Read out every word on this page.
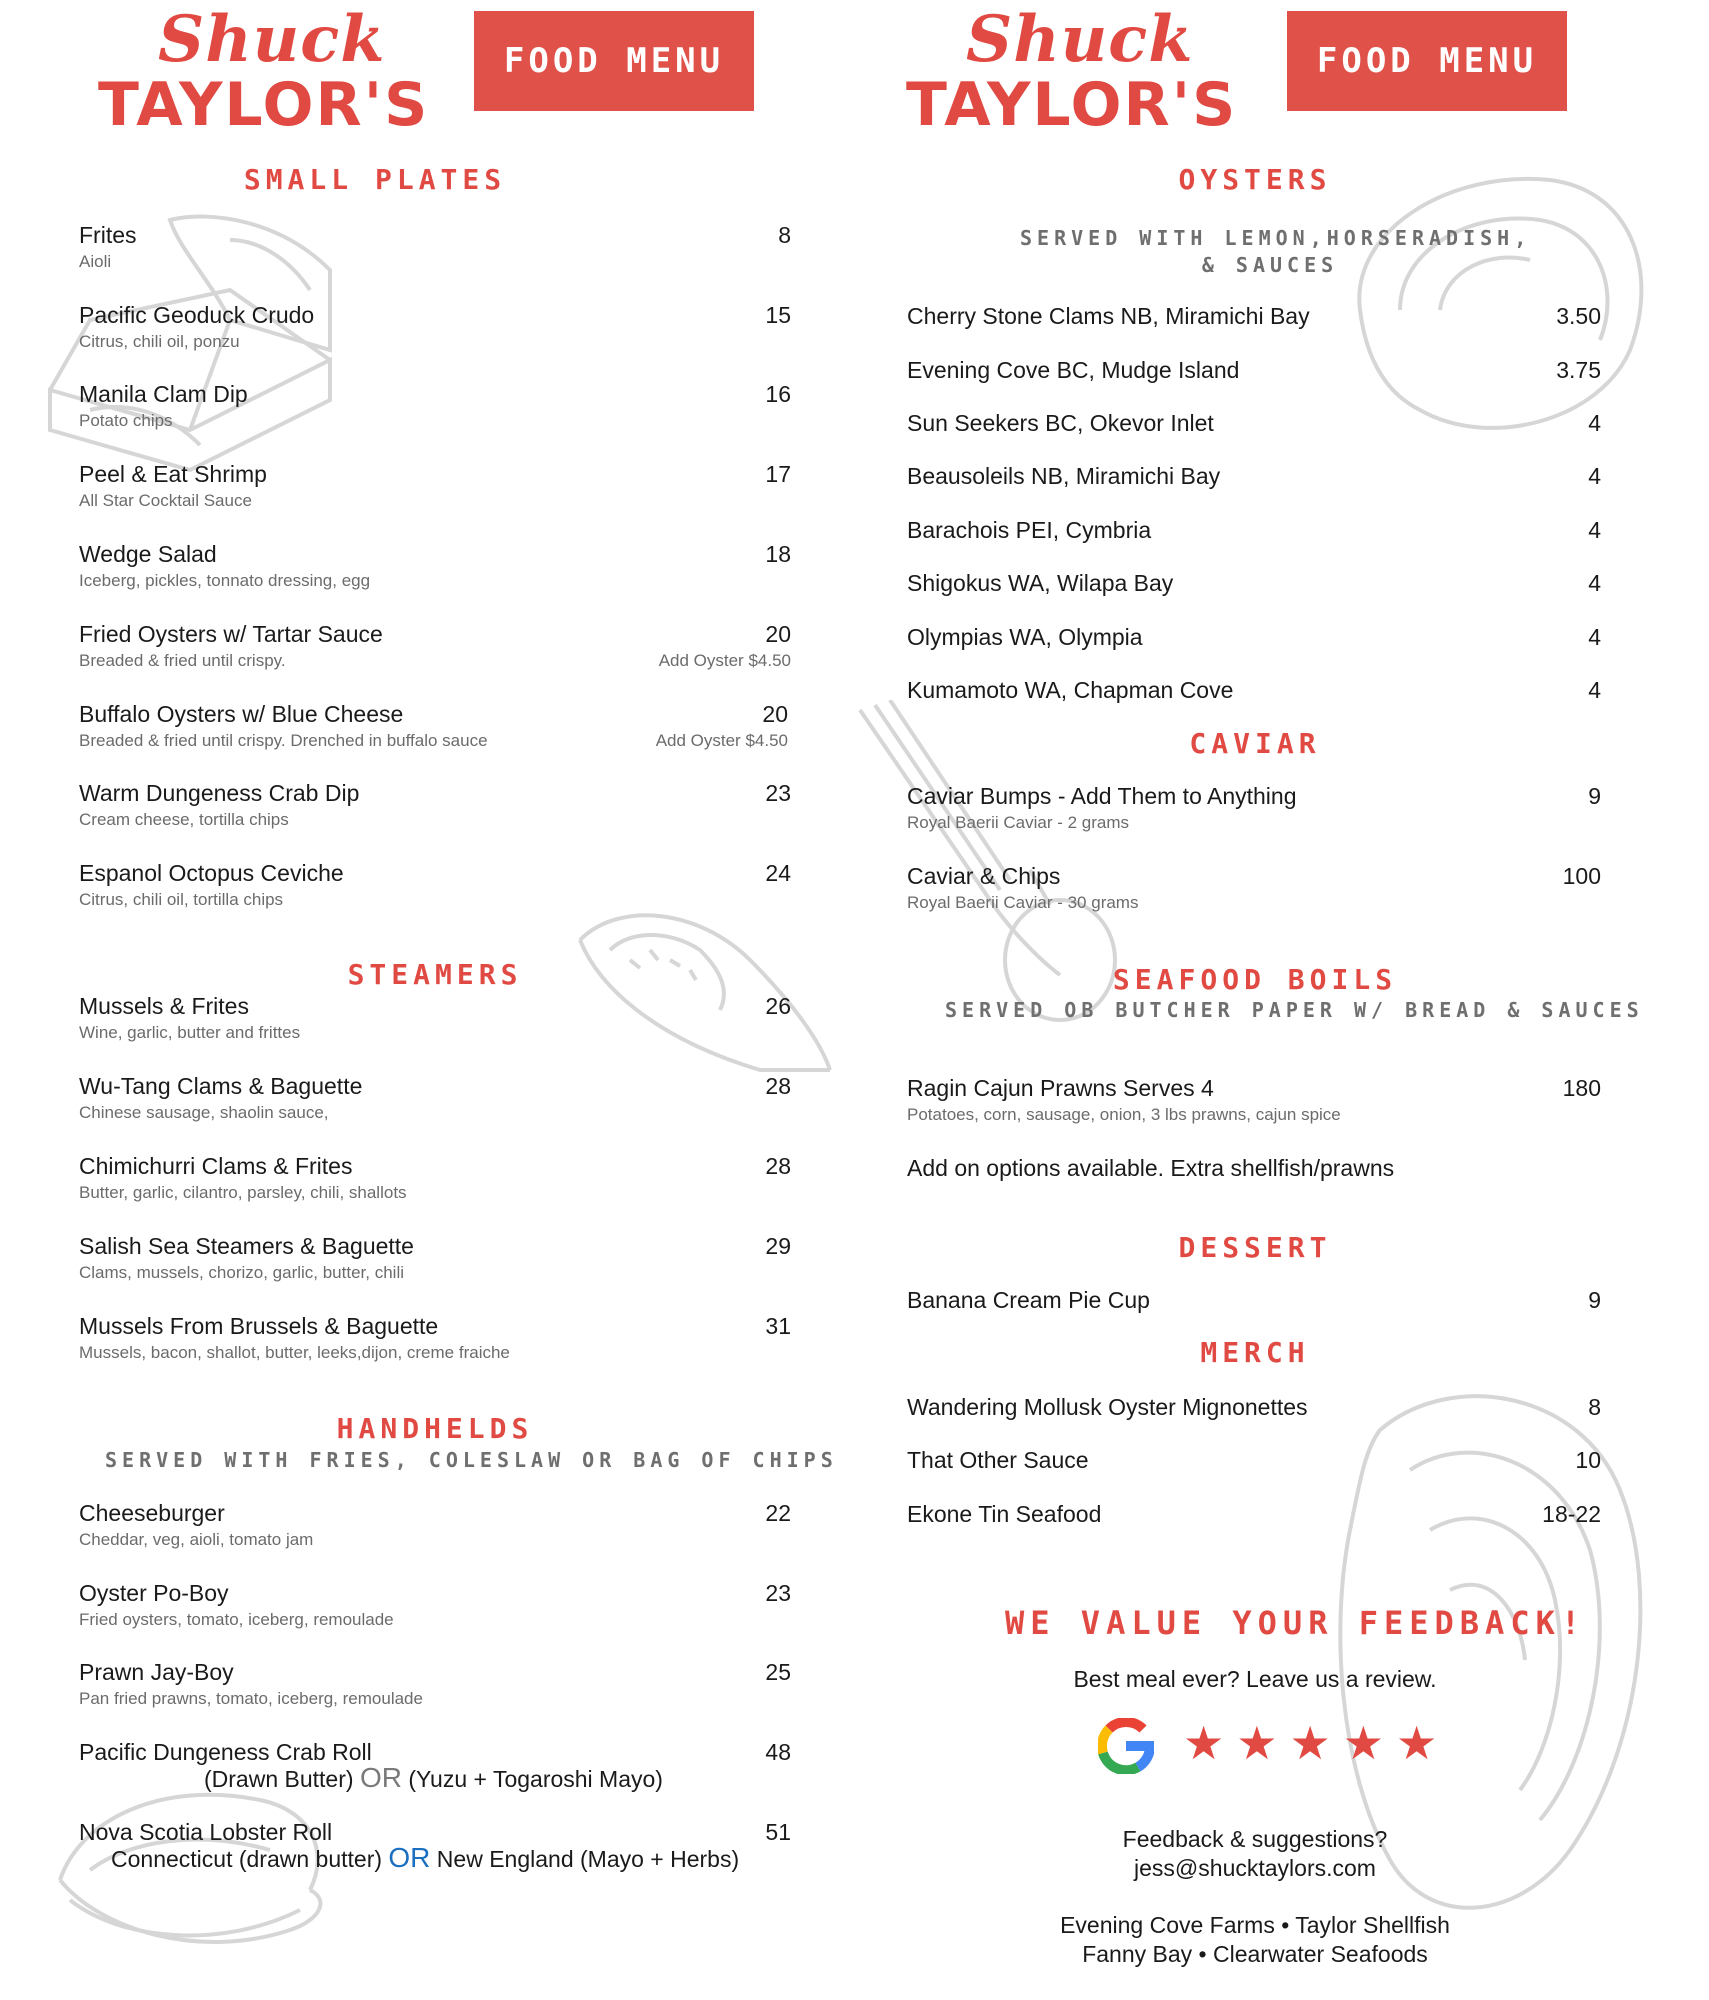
Shuck
TAYLOR'S
FOOD MENU	Shuck
TAYLOR'S
FOOD MENU
SMALL PLATES
Frites
Aioli
8
Pacific Geoduck Crudo
Citrus, chili oil, ponzu
15
Manila Clam Dip
Potato chips
16
Peel & Eat Shrimp
All Star Cocktail Sauce
17
Wedge Salad
Iceberg, pickles, tonnato dressing, egg
18
Fried Oysters w/ Tartar Sauce
Breaded & fried until crispy.
20
Add Oyster $4.50
Buffalo Oysters w/ Blue Cheese
Breaded & fried until crispy. Drenched in buffalo sauce
20
Add Oyster $4.50
Warm Dungeness Crab Dip
Cream cheese, tortilla chips
23
Espanol Octopus Ceviche
Citrus, chili oil, tortilla chips
24
STEAMERS
Mussels & Frites
Wine, garlic, butter and frittes
26
Wu-Tang Clams & Baguette
Chinese sausage, shaolin sauce,
28
Chimichurri Clams & Frites
Butter, garlic, cilantro, parsley, chili, shallots
28
Salish Sea Steamers & Baguette
Clams, mussels, chorizo, garlic, butter, chili
29
Mussels From Brussels & Baguette
Mussels, bacon, shallot, butter, leeks,dijon, creme fraiche
31
HANDHELDS
SERVED WITH FRIES, COLESLAW OR BAG OF CHIPS
Cheeseburger
Cheddar, veg, aioli, tomato jam
22
Oyster Po-Boy
Fried oysters, tomato, iceberg, remoulade
23
Prawn Jay-Boy
Pan fried prawns, tomato, iceberg, remoulade
25
Pacific Dungeness Crab Roll	48
(Drawn Butter) OR (Yuzu + Togaroshi Mayo)
Nova Scotia Lobster Roll	51
Connecticut (drawn butter) OR New England (Mayo + Herbs)
OYSTERS
SERVED WITH LEMON,HORSERADISH,
& SAUCES
Cherry Stone Clams NB, Miramichi Bay	3.50
Evening Cove BC, Mudge Island	3.75
Sun Seekers BC, Okevor Inlet	4
Beausoleils NB, Miramichi Bay	4
Barachois PEI, Cymbria	4
Shigokus WA, Wilapa Bay	4
Olympias WA, Olympia	4
Kumamoto WA, Chapman Cove	4
CAVIAR
Caviar Bumps - Add Them to Anything
Royal Baerii Caviar - 2 grams
9
Caviar & Chips
Royal Baerii Caviar - 30 grams
100
SEAFOOD BOILS
SERVED OB BUTCHER PAPER W/ BREAD & SAUCES
Ragin Cajun Prawns Serves 4
Potatoes, corn, sausage, onion, 3 lbs prawns, cajun spice
180
Add on options available. Extra shellfish/prawns
DESSERT
Banana Cream Pie Cup	9
MERCH
Wandering Mollusk Oyster Mignonettes	8
That Other Sauce	10
Ekone Tin Seafood	18-22
WE VALUE YOUR FEEDBACK!
Best meal ever? Leave us a review.
★★★★★
Feedback & suggestions?
jess@shucktaylors.com
Evening Cove Farms • Taylor Shellfish
Fanny Bay • Clearwater Seafoods
